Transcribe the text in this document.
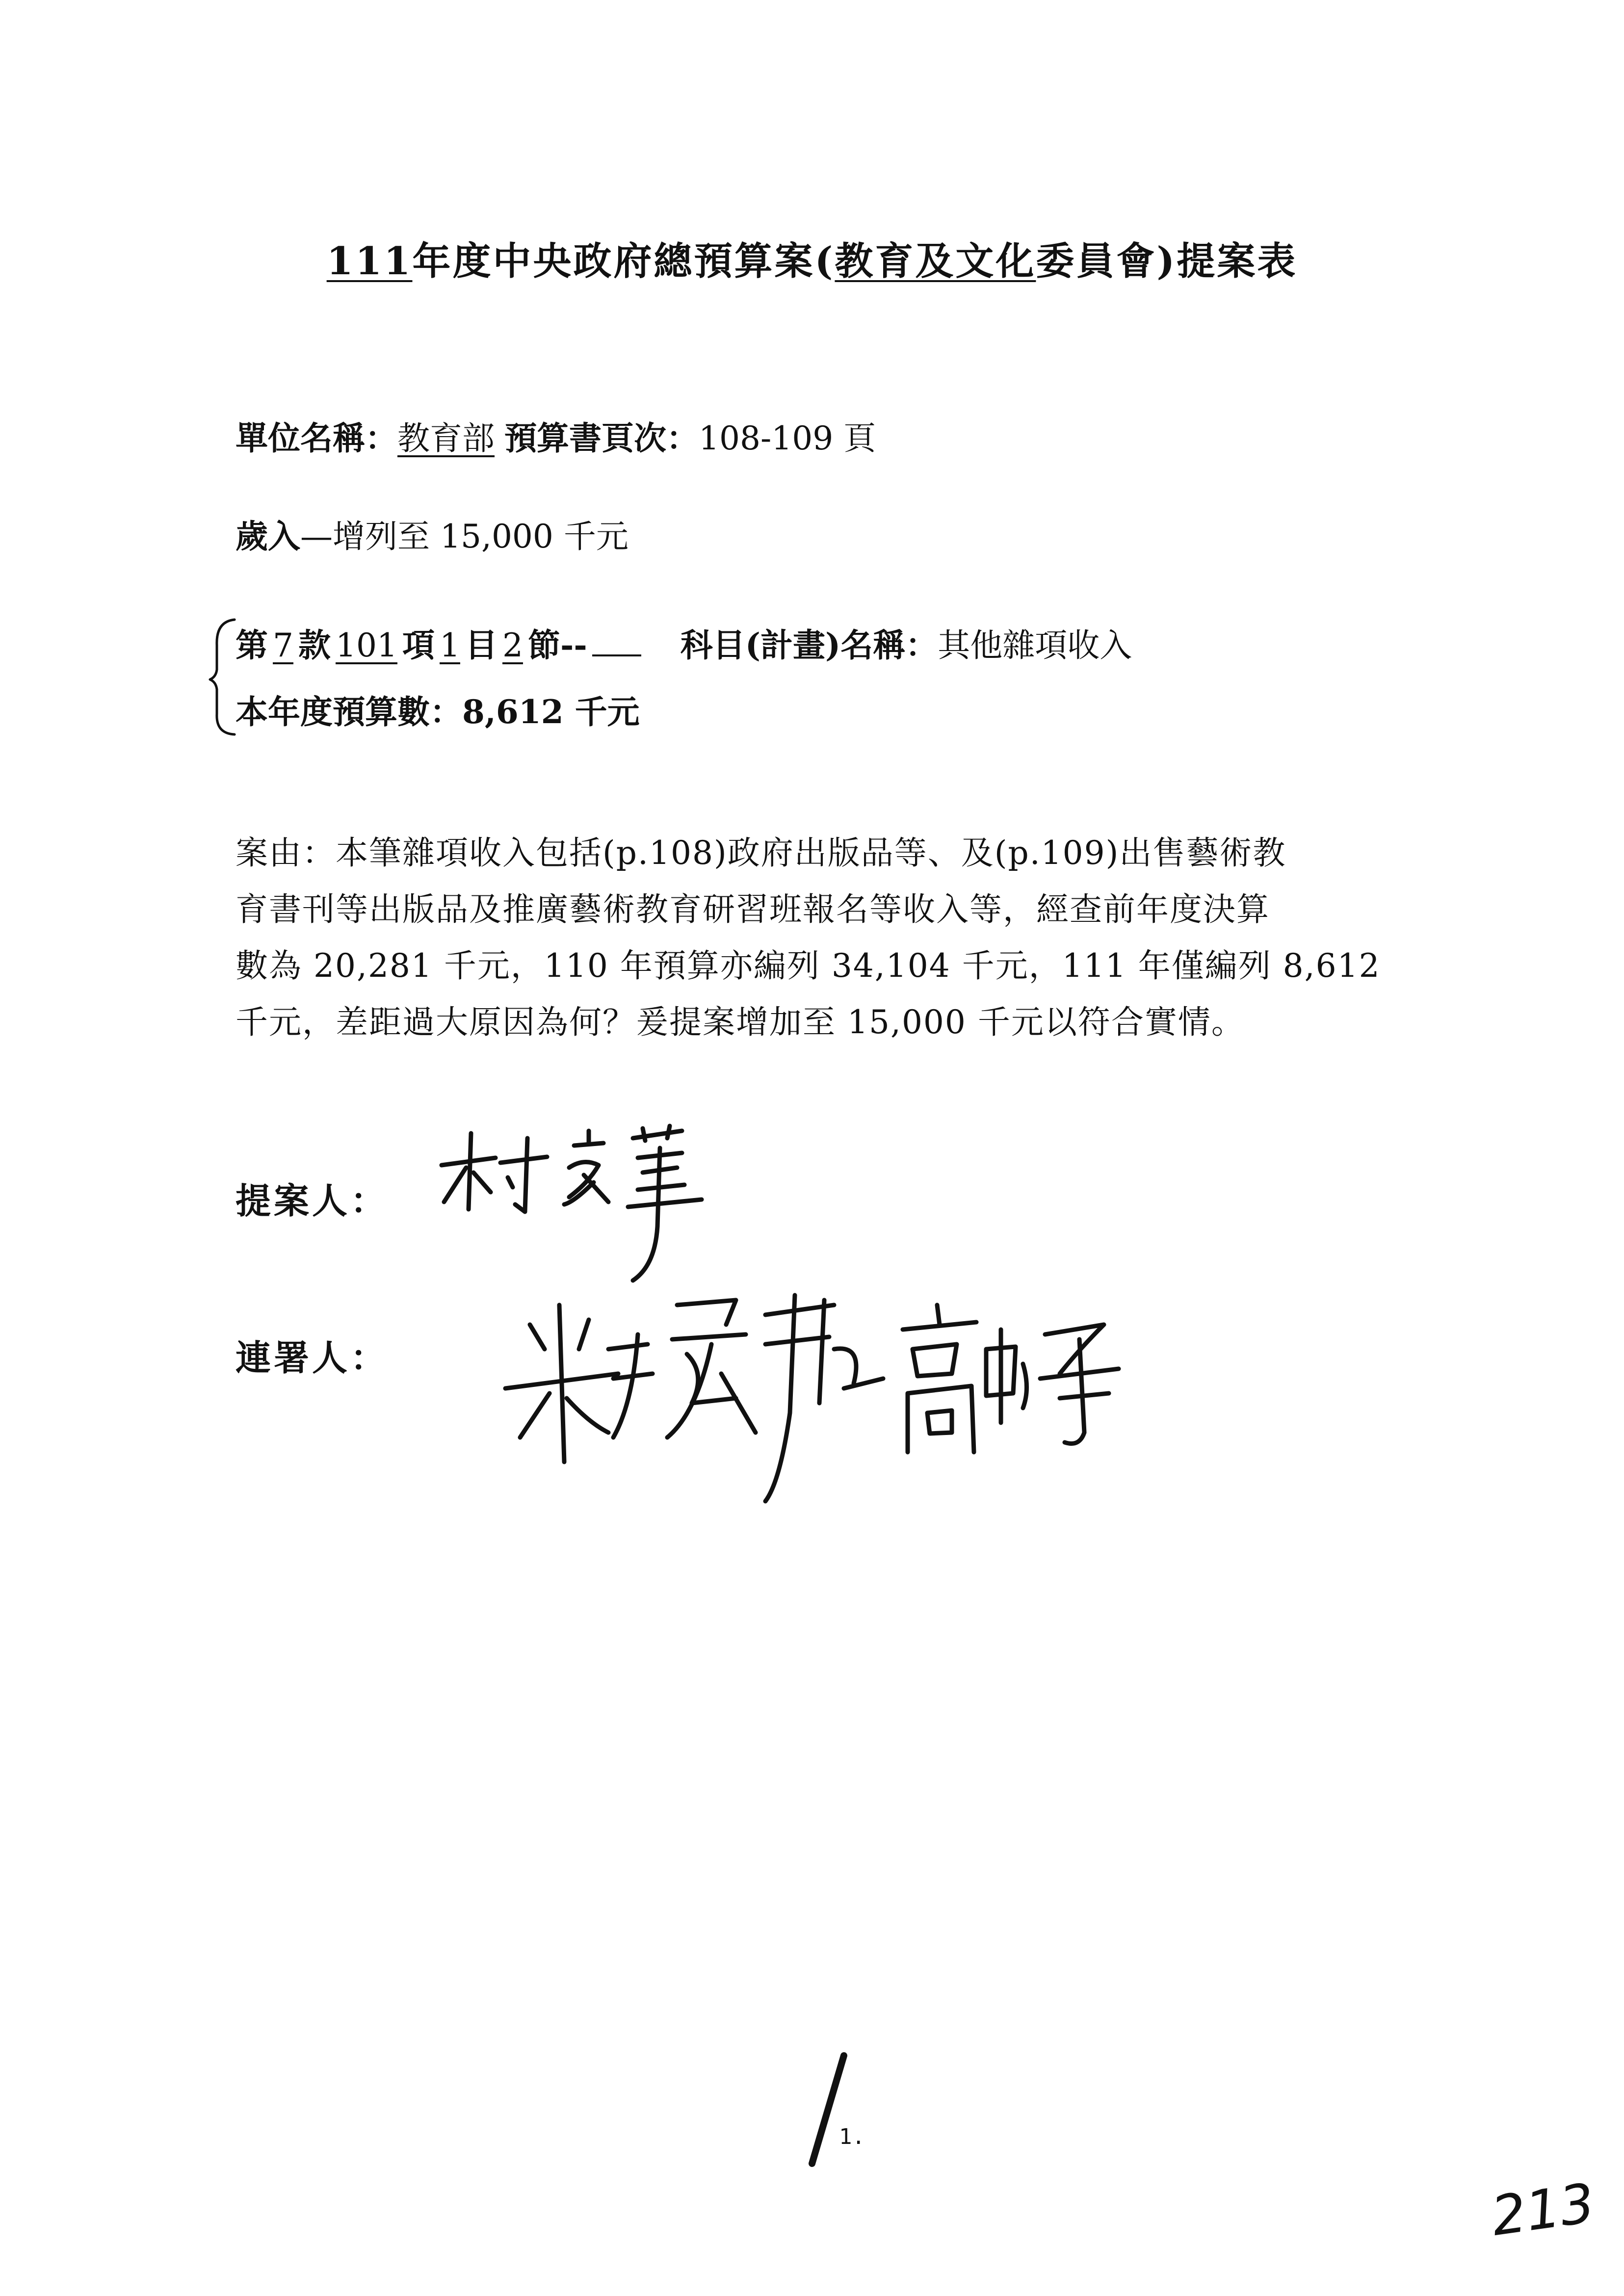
111年度中央政府總預算案(教育及文化委員會)提案表
單位名稱：教育部 預算書頁次：108-109 頁
歲入—增列至 15,000 千元
第 7 款 101 項 1 目 2 節--	科目(計畫)名稱：其他雜項收入
本年度預算數：8,612 千元
案由：本筆雜項收入包括(p.108)政府出版品等、及(p.109)出售藝術教
育書刊等出版品及推廣藝術教育研習班報名等收入等，經查前年度決算
數為 20,281 千元，110 年預算亦編列 34,104 千元，111 年僅編列 8,612
千元，差距過大原因為何？爰提案增加至 15,000 千元以符合實情。
提案人：
連署人：
1.
213
